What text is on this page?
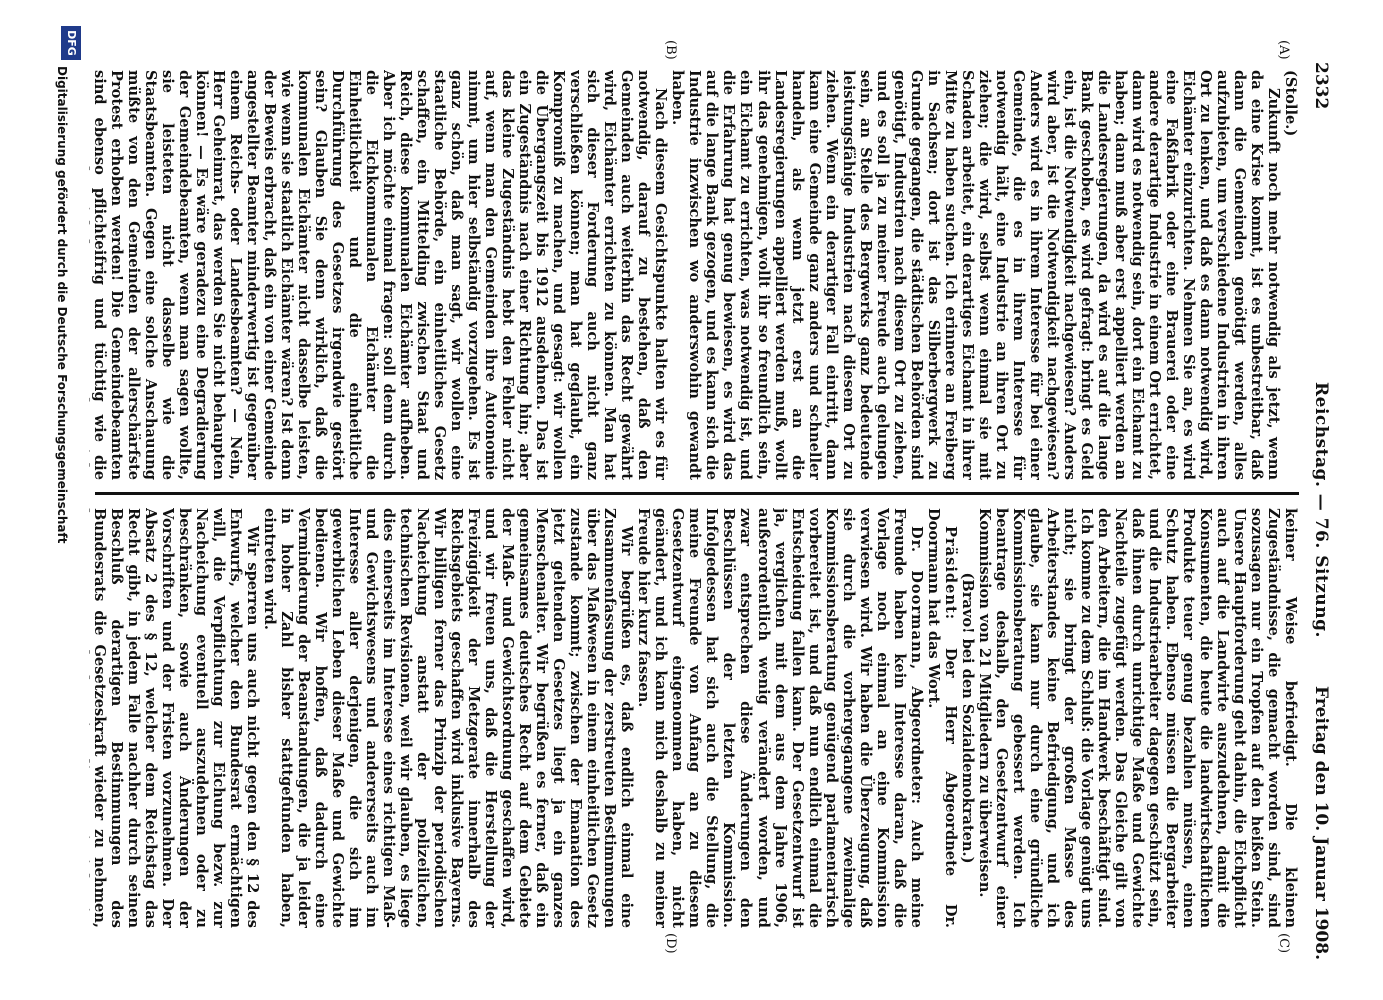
2332
Reichstag. — 76. Sitzung.
Freitag den 10. Januar 1908.
(A)
(B)
(C)
(D)

(Stolle.)

Zukunft noch mehr notwendig als jetzt, wenn da eine Krise kommt, ist es unbestreitbar, daß dann die Gemeinden genötigt werden, alles aufzubieten, um verschiedene Industrien in ihren Ort zu lenken, und daß es dann notwendig wird, Eichämter einzurichten. Nehmen Sie an, es wird eine Faßfabrik oder eine Brauerei oder eine andere derartige Industrie in einem Ort errichtet, dann wird es notwendig sein, dort ein Eichamt zu haben; dann muß aber erst appelliert werden an die Landesregierungen, da wird es auf die lange Bank geschoben, es wird gefragt: bringt es Geld ein, ist die Notwendigkeit nachgewiesen? Anders wird aber, ist die Notwendigkeit nachgewiesen? Anders wird es in ihrem Interesse für bei einer Gemeinde, die es in ihrem Interesse für notwendig hält, eine Industrie an ihren Ort zu ziehen; die wird, selbst wenn einmal sie mit Schaden arbeitet, ein derartiges Eichamt in ihrer Mitte zu haben suchen. Ich erinnere an Freiberg in Sachsen; dort ist das Silberbergwerk zu Grunde gegangen, die städtischen Behörden sind genötigt, Industrien nach diesem Ort zu ziehen, und es soll ja zu meiner Freude auch gelungen sein, an Stelle des Bergwerks ganz bedeutende leistungsfähige Industrien nach diesem Ort zu ziehen. Wenn ein derartiger Fall eintritt, dann kann eine Gemeinde ganz anders und schneller handeln, als wenn jetzt erst an die Landesregierungen appelliert werden muß, wollt ihr das genehmigen, wollt ihr so freundlich sein, ein Eichamt zu errichten, was notwendig ist, und die Erfahrung hat genug bewiesen, es wird das auf die lange Bank gezogen, und es kann sich die Industrie inzwischen wo anderswohin gewandt haben.

Nach diesem Gesichtspunkte halten wir es für notwendig, darauf zu bestehen, daß den Gemeinden auch weiterhin das Recht gewährt wird, Eichämter errichten zu können. Man hat sich dieser Forderung auch nicht ganz verschließen können; man hat geglaubt, ein Kompromiß zu machen, und gesagt: wir wollen die Übergangszeit bis 1912 ausdehnen. Das ist ein Zugeständnis nach einer Richtung hin; aber das kleine Zugeständnis hebt den Fehler nicht auf, wenn man den Gemeinden ihre Autonomie nimmt, um hier selbständig vorzugehen. Es ist ganz schön, daß man sagt, wir wollen eine staatliche Behörde, ein einheitliches Gesetz schaffen, ein Mittelding zwischen Staat und Reich, diese kommunalen Eichämter aufheben. Aber ich möchte einmal fragen: soll denn durch die Eichkommunalen Eichämter die Einheitlichkeit und die einheitliche Durchführung des Gesetzes irgendwie gestört sein? Glauben Sie denn wirklich, daß die kommunalen Eichämter nicht dasselbe leisten, wie wenn sie staatlich Eichämter wären? Ist denn der Beweis erbracht, daß ein von einer Gemeinde angestellter Beamter minderwertig ist gegenüber einem Reichs- oder Landesbeamten? — Nein, Herr Geheimrat, das werden Sie nicht behaupten können! — Es wäre geradezu eine Degradierung der Gemeindebeamten, wenn man sagen wollte, sie leisteten nicht dasselbe wie die Staatsbeamten. Gegen eine solche Anschauung müßte von den Gemeinden der allerschärfste Protest erhoben werden! Die Gemeindebeamten sind ebenso pflichteifrig und tüchtig wie die

keiner Weise befriedigt. Die kleinen Zugeständnisse, die gemacht worden sind, sind sozusagen nur ein Tropfen auf den heißen Stein. Unsere Hauptforderung geht dahin, die Eichpflicht auch auf die Landwirte auszudehnen, damit die Konsumenten, die heute die landwirtschaftlichen Produkte teuer genug bezahlen müssen, einen Schutz haben. Ebenso müssen die Bergarbeiter und die Industriearbeiter dagegen geschützt sein, daß ihnen durch unrichtige Maße und Gewichte Nachteile zugefügt werden. Das Gleiche gilt von den Arbeitern, die im Handwerk beschäftigt sind. Ich komme zu dem Schluß: die Vorlage genügt uns nicht; sie bringt der großen Masse des Arbeiterstandes keine Befriedigung, und ich glaube, sie kann nur durch eine gründliche Kommissionsberatung gebessert werden. Ich beantrage deshalb, den Gesetzentwurf einer Kommission von 21 Mitgliedern zu überweisen.

(Bravo! bei den Sozialdemokraten.)

Präsident: Der Herr Abgeordnete Dr. Doormann hat das Wort.

Dr. Doormann, Abgeordneter: Auch meine Freunde haben kein Interesse daran, daß die Vorlage noch einmal an eine Kommission verwiesen wird. Wir haben die Überzeugung, daß sie durch die vorhergegangene zweimalige Kommissionsberatung genügend parlamentarisch vorbereitet ist, und daß nun endlich einmal die Entscheidung fallen kann. Der Gesetzentwurf ist ja, verglichen mit dem aus dem Jahre 1906, außerordentlich wenig verändert worden, und zwar entsprechen diese Änderungen den Beschlüssen der letzten Kommission. Infolgedessen hat sich auch die Stellung, die meine Freunde von Anfang an zu diesem Gesetzentwurf eingenommen haben, nicht geändert, und ich kann mich deshalb zu meiner Freude hier kurz fassen.

Wir begrüßen es, daß endlich einmal eine Zusammenfassung der zerstreuten Bestimmungen über das Maßwesen in einem einheitlichen Gesetz zustande kommt; zwischen der Emanation des jetzt geltenden Gesetzes liegt ja ein ganzes Menschenalter. Wir begrüßen es ferner, daß ein gemeinsames deutsches Recht auf dem Gebiete der Maß- und Gewichtsordnung geschaffen wird, und wir freuen uns, daß die Herstellung der Freizügigkeit der Metzgerate innerhalb des Reichsgebiets geschaffen wird inklusive Bayerns. Wir billigen ferner das Prinzip der periodischen Nacheichung anstatt der polizeilichen, technischen Revisionen, weil wir glauben, es liege dies einerseits im Interesse eines richtigen Maß- und Gewichtswesens und andererseits auch im Interesse aller derjenigen, die sich im gewerblichen Leben dieser Maße und Gewichte bedienen. Wir hoffen, daß dadurch eine Verminderung der Beanstandungen, die ja leider in hoher Zahl bisher stattgefunden haben, eintreten wird.

Wir sperren uns auch nicht gegen den § 12 des Entwurfs, welcher den Bundesrat ermächtigen will, die Verpflichtung zur Eichung bezw. zur Nacheichung eventuell auszudehnen oder zu beschränken, sowie auch Änderungen der Vorschriften und der Fristen vorzunehmen. Der Absatz 2 des § 12, welcher dem Reichstag das Recht gibt, in jedem Falle nachher durch seinen Beschluß derartigen Bestimmungen des Bundesrats die Gesetzeskraft wieder zu nehmen,

DFG
Digitalisierung gefördert durch die Deutsche Forschungsgemeinschaft
